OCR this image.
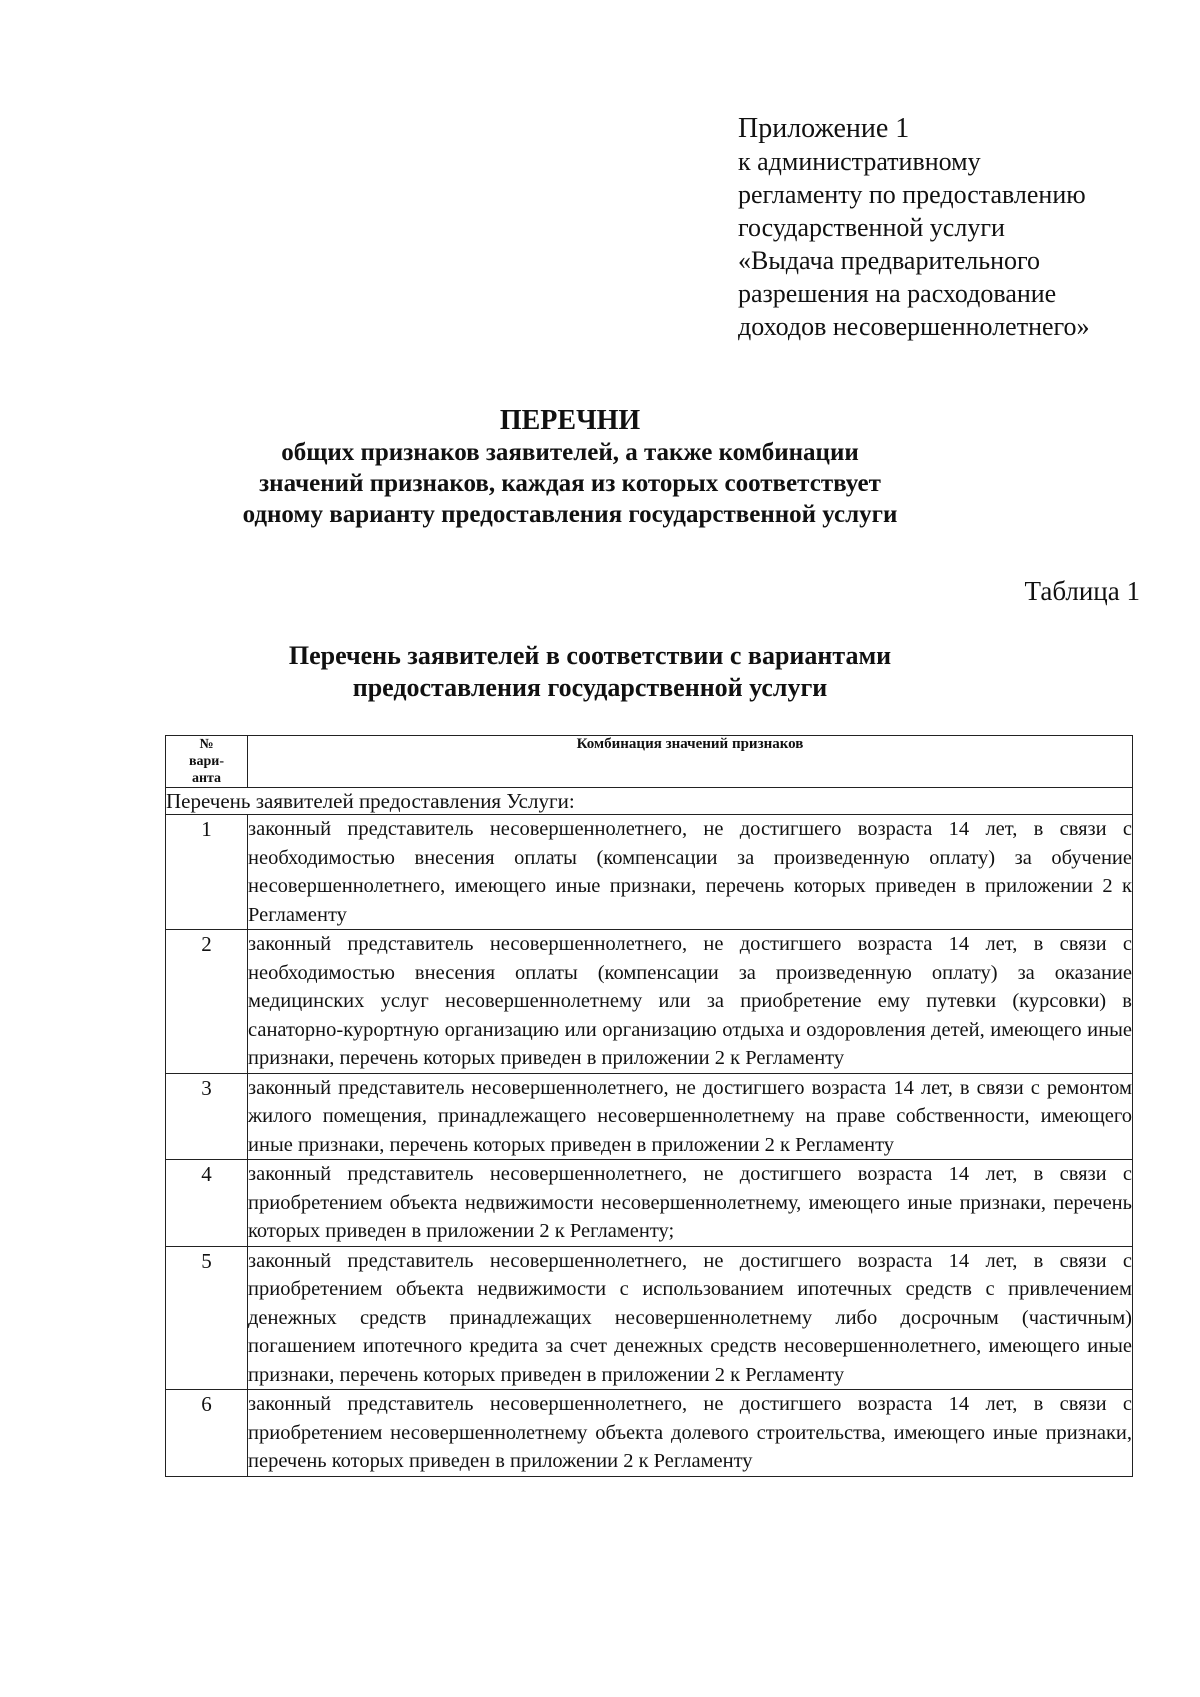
Приложение 1
к административному
регламенту по предоставлению
государственной услуги
«Выдача предварительного
разрешения на расходование
доходов несовершеннолетнего»
ПЕРЕЧНИ
общих признаков заявителей, а также комбинации
значений признаков, каждая из которых соответствует
одному варианту предоставления государственной услуги
Таблица 1
Перечень заявителей в соответствии с вариантами
предоставления государственной услуги
№
вари-
анта	Комбинация значений признаков
Перечень заявителей предоставления Услуги:	
1	законный представитель несовершеннолетнего, не достигшего возраста 14 лет, в связи с необходимостью внесения оплаты (компенсации за произведенную оплату) за обучение несовершеннолетнего, имеющего иные признаки, перечень которых приведен в приложении 2 к Регламенту
2	законный представитель несовершеннолетнего, не достигшего возраста 14 лет, в связи с необходимостью внесения оплаты (компенсации за произведенную оплату) за оказание медицинских услуг несовершеннолетнему или за приобретение ему путевки (курсовки) в санаторно-курортную организацию или организацию отдыха и оздоровления детей, имеющего иные признаки, перечень которых приведен в приложении 2 к Регламенту
3	законный представитель несовершеннолетнего, не достигшего возраста 14 лет, в связи с ремонтом жилого помещения, принадлежащего несовершеннолетнему на праве собственности, имеющего иные признаки, перечень которых приведен в приложении 2 к Регламенту
4	законный представитель несовершеннолетнего, не достигшего возраста 14 лет, в связи с приобретением объекта недвижимости несовершеннолетнему, имеющего иные признаки, перечень которых приведен в приложении 2 к Регламенту;
5	законный представитель несовершеннолетнего, не достигшего возраста 14 лет, в связи с приобретением объекта недвижимости с использованием ипотечных средств с привлечением денежных средств принадлежащих несовершеннолетнему либо досрочным (частичным) погашением ипотечного кредита за счет денежных средств несовершеннолетнего, имеющего иные признаки, перечень которых приведен в приложении 2 к Регламенту
6	законный представитель несовершеннолетнего, не достигшего возраста 14 лет, в связи с приобретением несовершеннолетнему объекта долевого строительства, имеющего иные признаки, перечень которых приведен в приложении 2 к Регламенту
